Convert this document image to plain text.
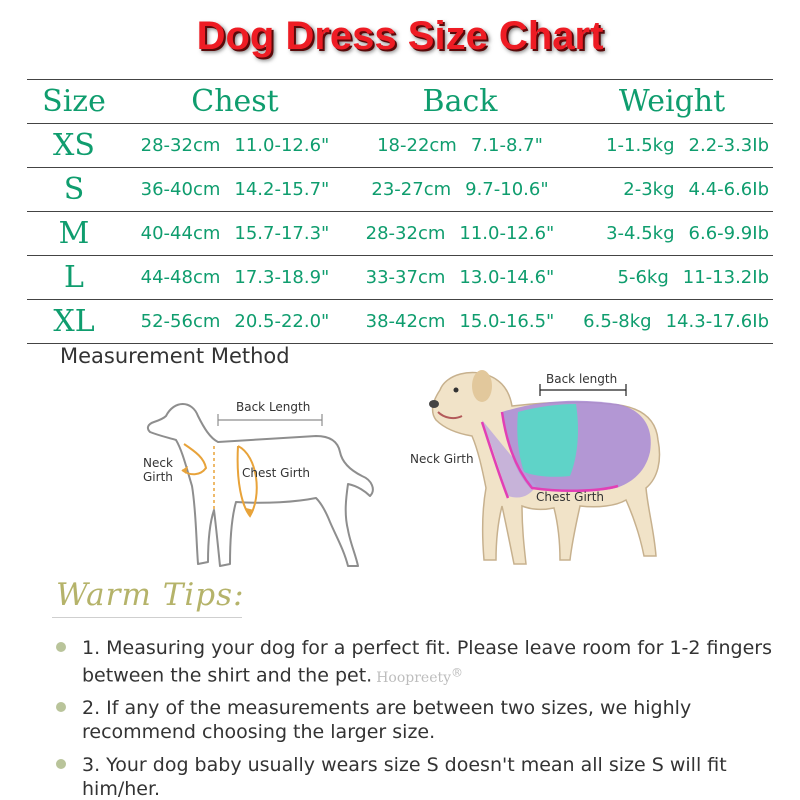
Dog Dress Size Chart
Size	Chest	Back	Weight
XS	28-32cm 11.0-12.6"	18-22cm 7.1-8.7"	1-1.5kg 2.2-3.3Ib
S	36-40cm 14.2-15.7"	23-27cm 9.7-10.6"	2-3kg 4.4-6.6Ib
M	40-44cm 15.7-17.3"	28-32cm 11.0-12.6"	3-4.5kg 6.6-9.9Ib
L	44-48cm 17.3-18.9"	33-37cm 13.0-14.6"	5-6kg 11-13.2Ib
XL	52-56cm 20.5-22.0"	38-42cm 15.0-16.5"	6.5-8kg 14.3-17.6Ib
Measurement Method
Back Length
Neck
Girth	Chest Girth
Back length
Neck Girth
Chest Girth
Warm Tips:
1. Measuring your dog for a perfect fit. Please leave room for 1-2 fingers between the shirt and the pet. Hoopreety®
2. If any of the measurements are between two sizes, we highly recommend choosing the larger size.
3. Your dog baby usually wears size S doesn't mean all size S will fit him/her.
